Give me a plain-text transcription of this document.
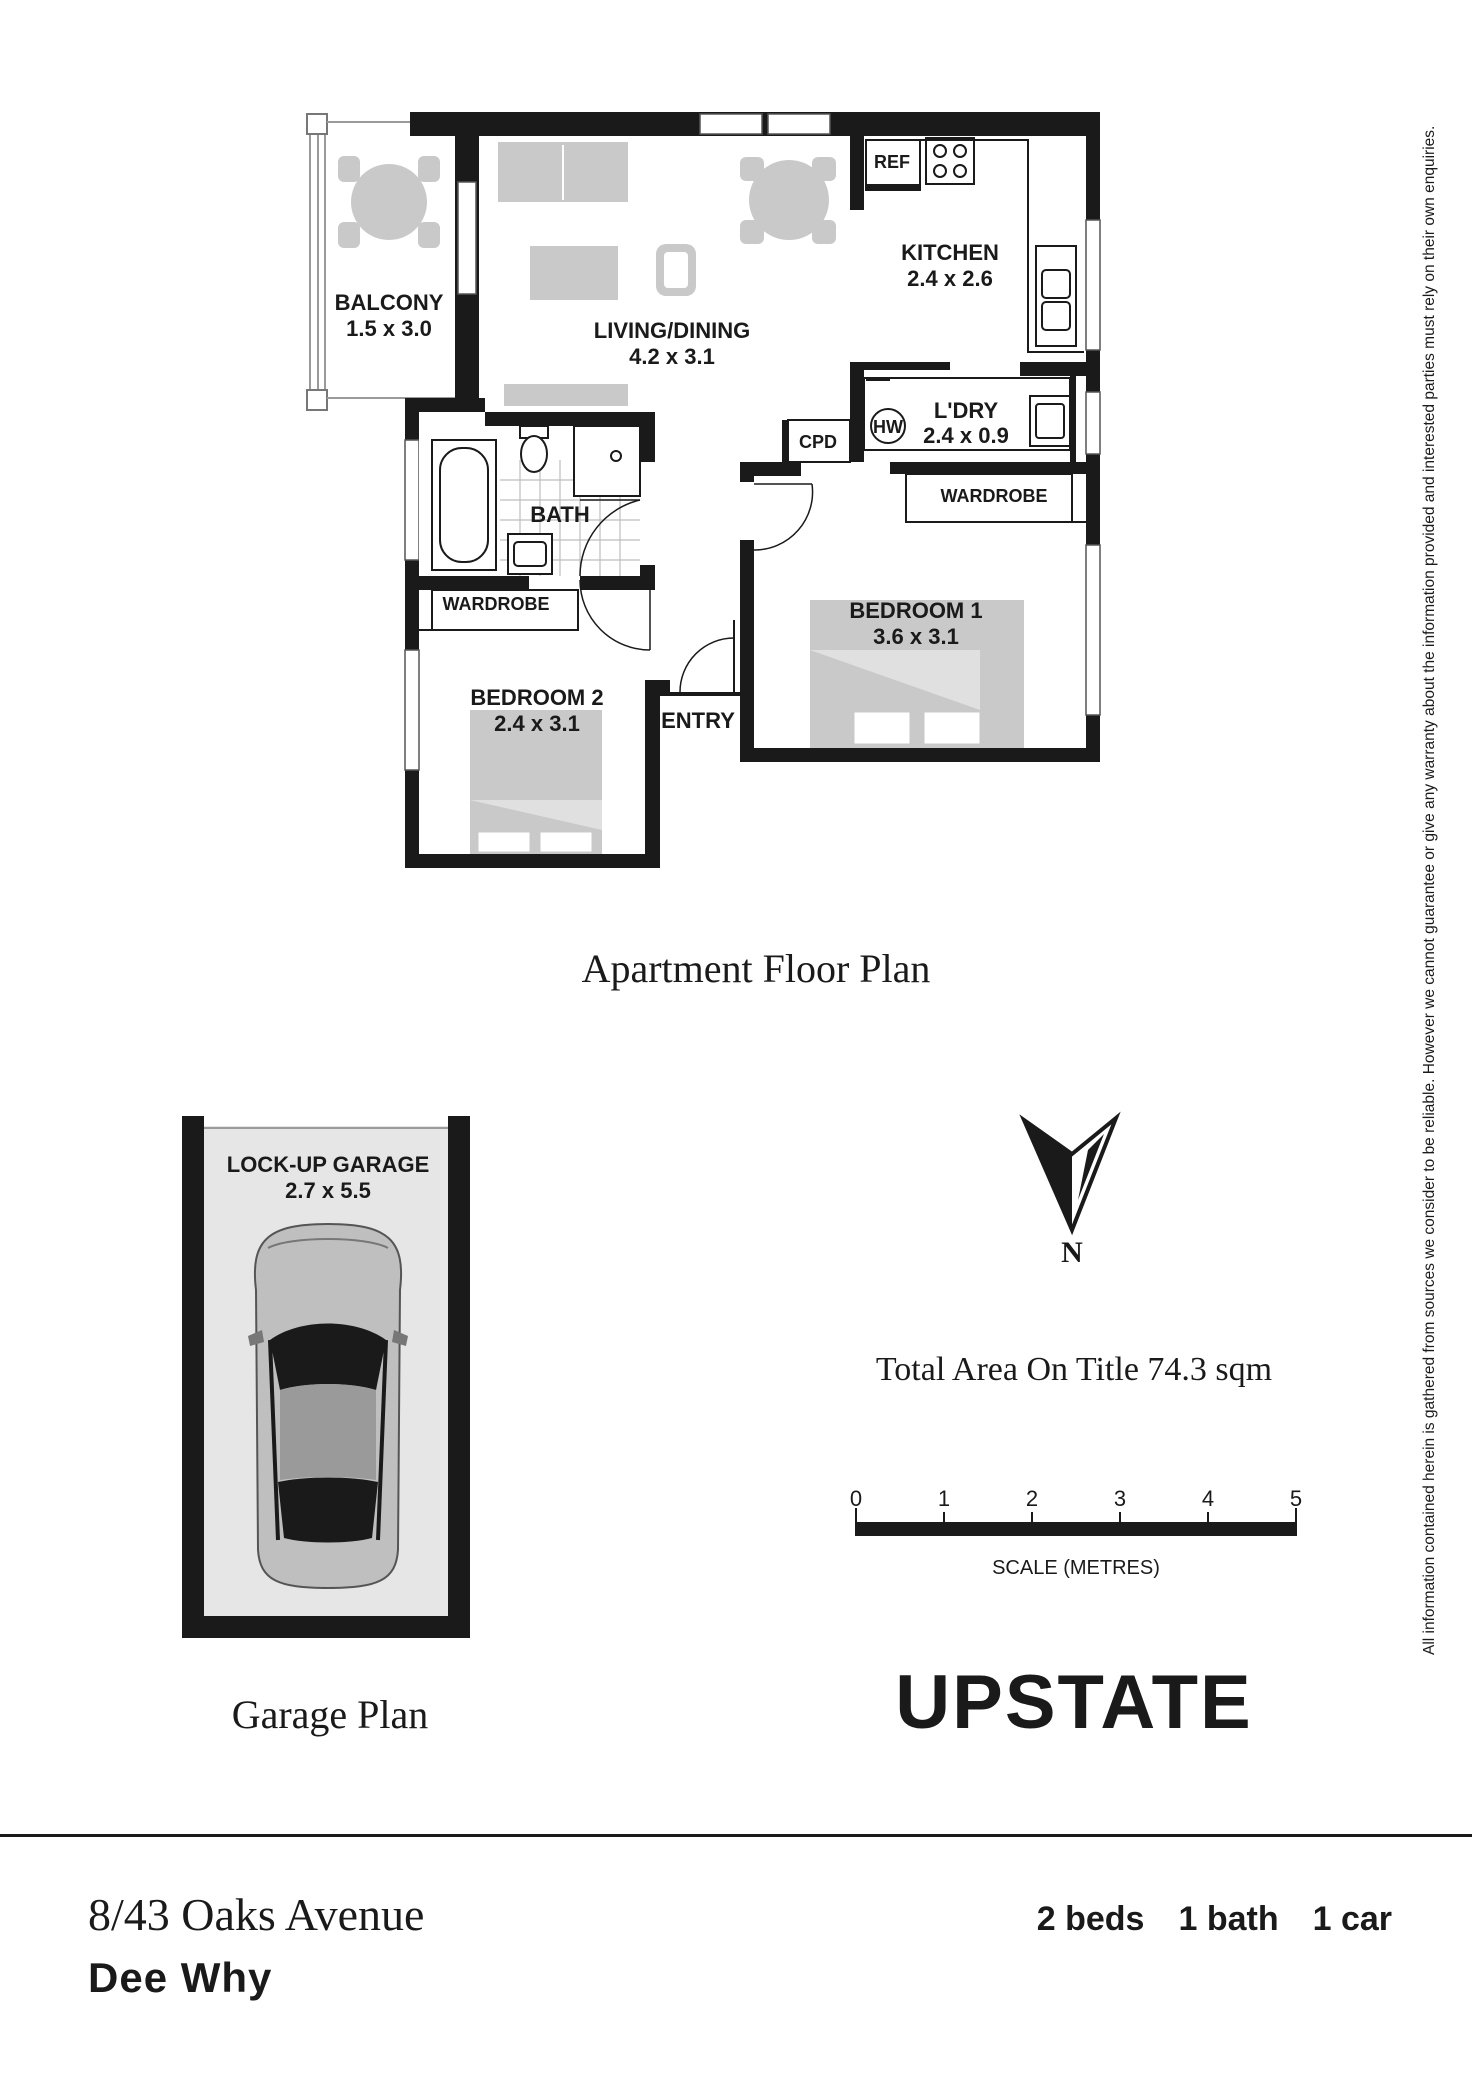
BALCONY
1.5 x 3.0	LIVING/DINING
4.2 x 3.1
KITCHEN
2.4 x 2.6
L'DRY
2.4 x 0.9
BATH
BEDROOM 1
3.6 x 3.1
BEDROOM 2
2.4 x 3.1	ENTRY
REF
CPD
HW
WARDROBE
WARDROBE
Apartment Floor Plan
LOCK-UP GARAGE
2.7 x 5.5
Garage Plan
N
Total Area On Title 74.3 sqm
0	1	2	3	4	5
SCALE (METRES)
UPSTATE
All information contained herein is gathered from sources we consider to be reliable. However we cannot guarantee or give any warranty about the information provided and interested parties must rely on their own enquiries.
8/43 Oaks Avenue
Dee Why
2 beds 1 bath 1 car
